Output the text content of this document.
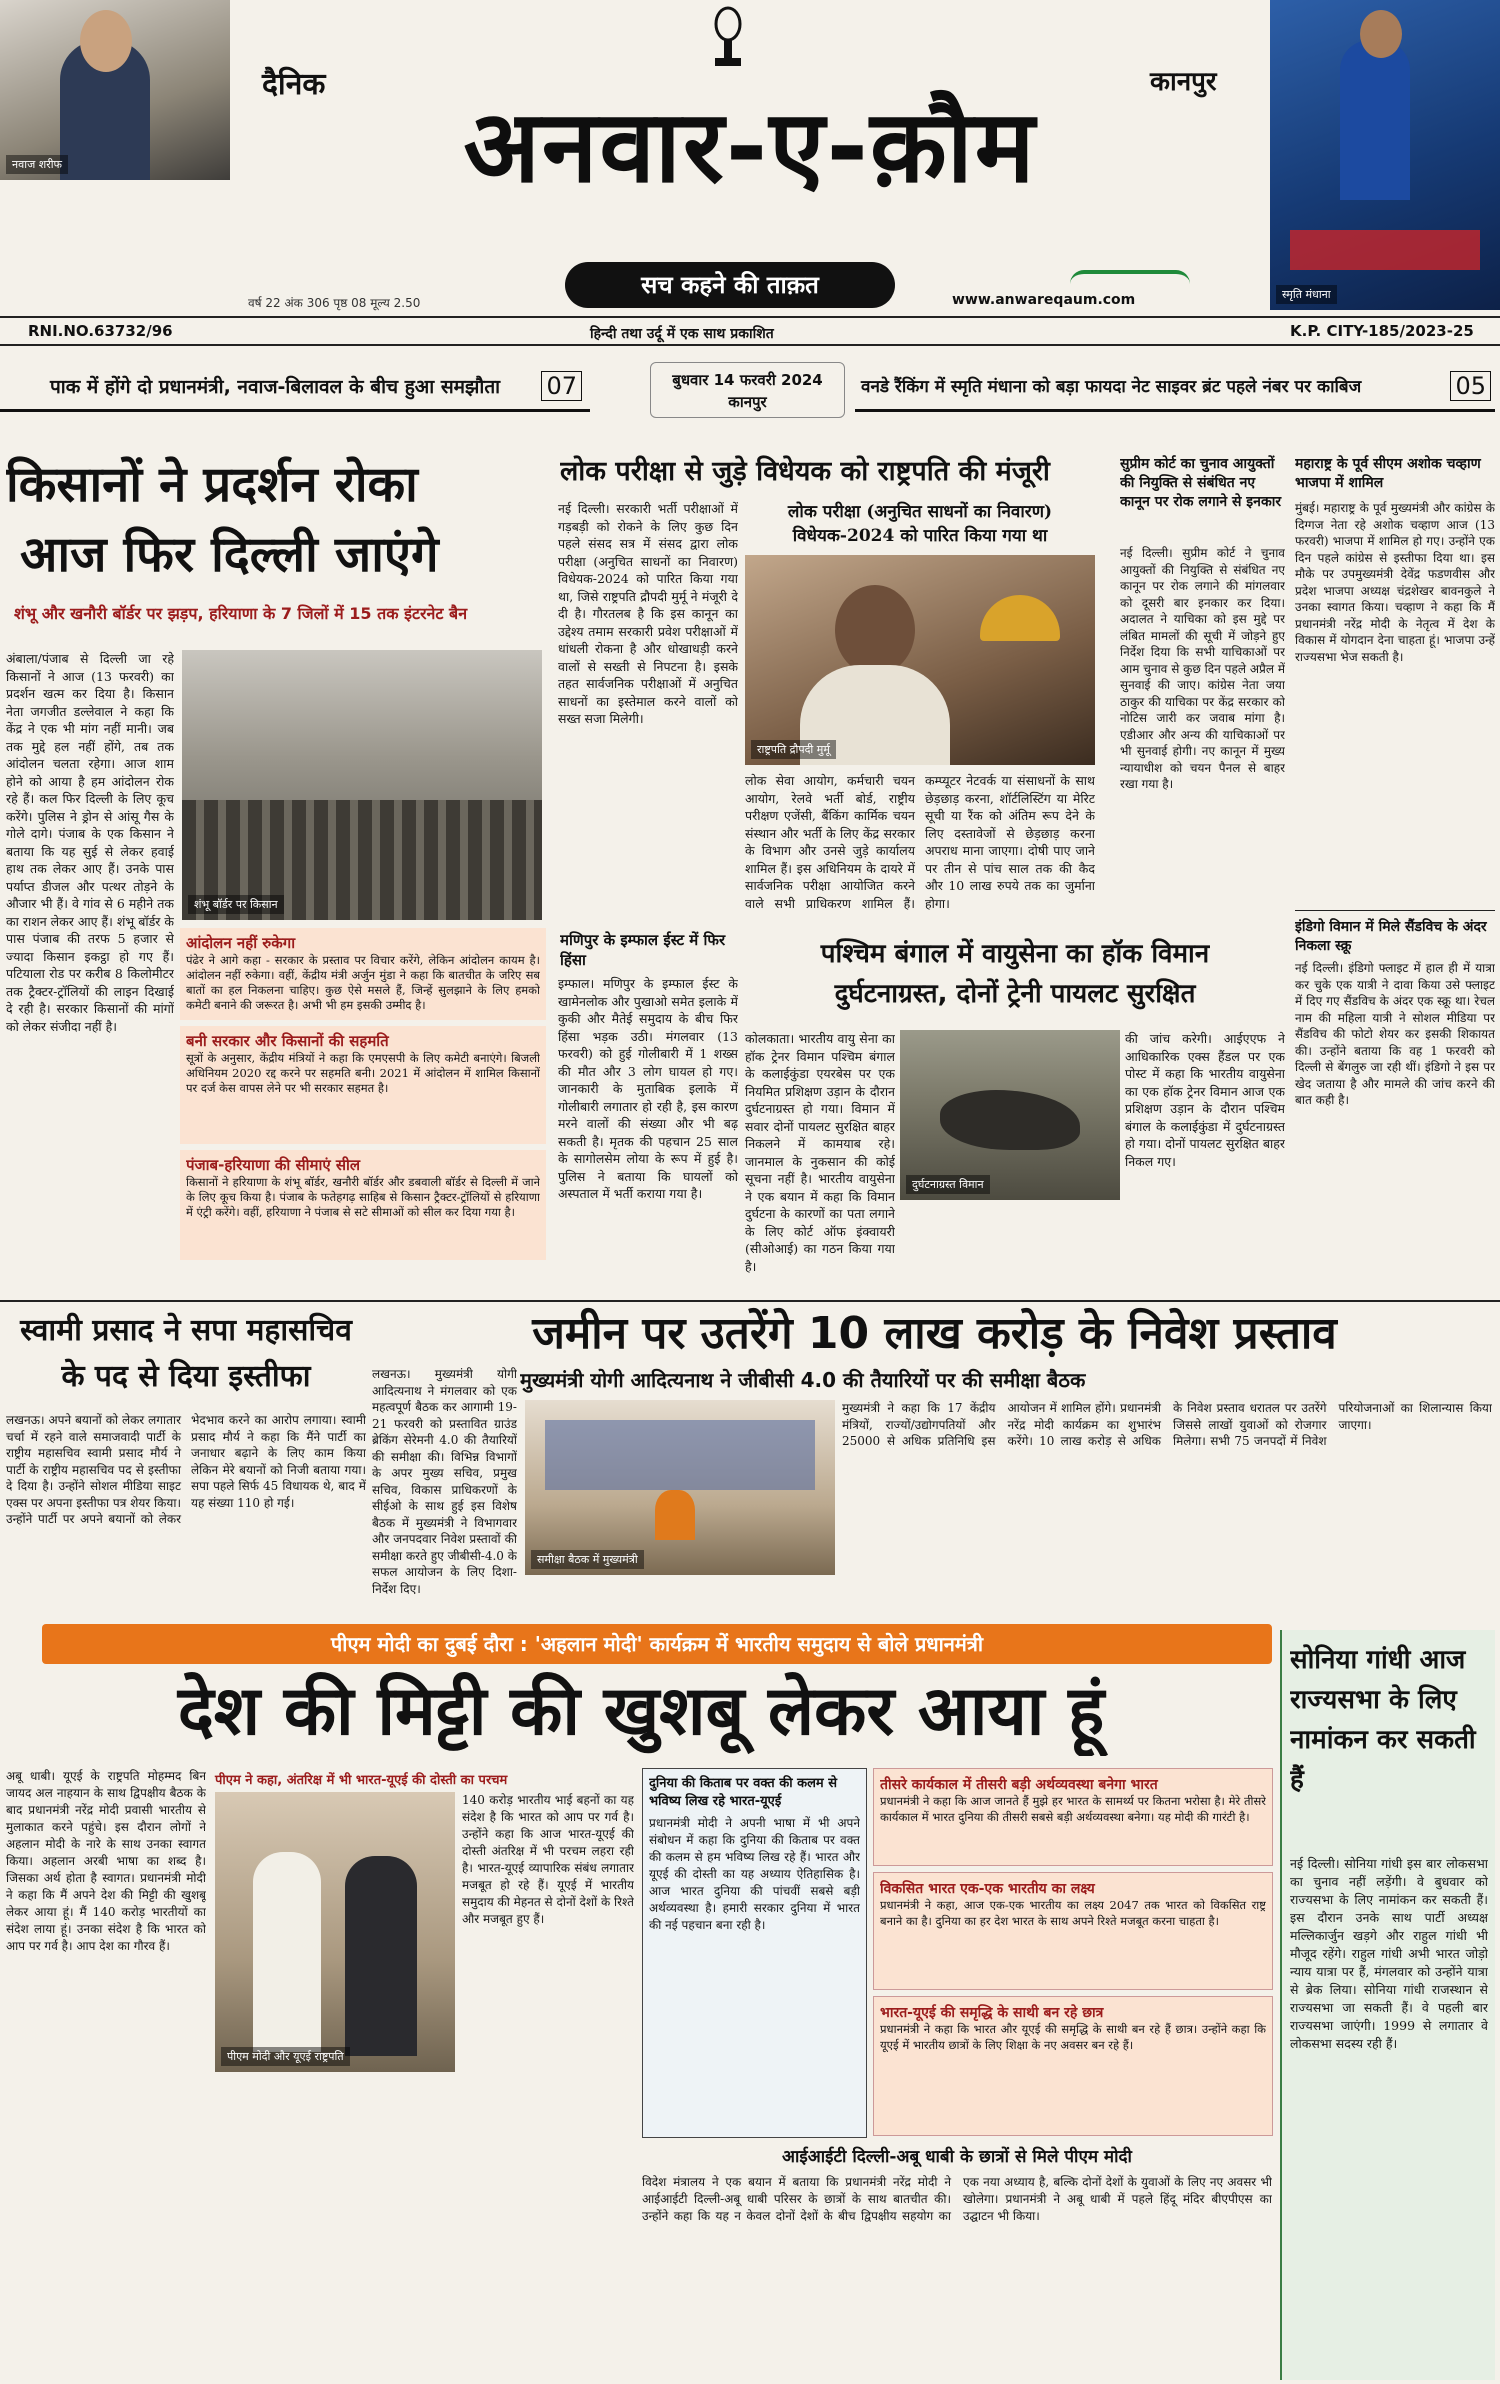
नवाज शरीफ
दैनिक	कानपुर
अनवार-ए-क़ौम
वर्ष 22 अंक 306 पृष्ठ 08 मूल्य 2.50
सच कहने की ताक़त
www.anwareqaum.com	स्मृति मंधाना
RNI.NO.63732/96	हिन्दी तथा उर्दू में एक साथ प्रकाशित	K.P. CITY-185/2023-25
पाक में होंगे दो प्रधानमंत्री, नवाज-बिलावल के बीच हुआ समझौता 07	बुधवार 14 फरवरी 2024 कानपुर
वनडे रैंकिंग में स्मृति मंधाना को बड़ा फायदा नेट साइवर ब्रंट पहले नंबर पर काबिज	05
किसानों ने प्रदर्शन रोका
आज फिर दिल्ली जाएंगे
शंभू और खनौरी बॉर्डर पर झड़प, हरियाणा के 7 जिलों में 15 तक इंटरनेट बैन
अंबाला/पंजाब से दिल्ली जा रहे किसानों ने आज (13 फरवरी) का प्रदर्शन खत्म कर दिया है। किसान नेता जगजीत डल्लेवाल ने कहा कि केंद्र ने एक भी मांग नहीं मानी। जब तक मुद्दे हल नहीं होंगे, तब तक आंदोलन चलता रहेगा। आज शाम होने को आया है हम आंदोलन रोक रहे हैं। कल फिर दिल्ली के लिए कूच करेंगे। पुलिस ने ड्रोन से आंसू गैस के गोले दागे। पंजाब के एक किसान ने बताया कि यह सुई से लेकर हवाई हाथ तक लेकर आए हैं। उनके पास पर्याप्त डीजल और पत्थर तोड़ने के औजार भी हैं। वे गांव से 6 महीने तक का राशन लेकर आए हैं। शंभू बॉर्डर के पास पंजाब की तरफ 5 हजार से ज्यादा किसान इकट्ठा हो गए हैं। पटियाला रोड पर करीब 8 किलोमीटर तक ट्रैक्टर-ट्रॉलियों की लाइन दिखाई दे रही है। सरकार किसानों की मांगों को लेकर संजीदा नहीं है।
शंभू बॉर्डर पर किसान
आंदोलन नहीं रुकेगा
पंढेर ने आगे कहा - सरकार के प्रस्ताव पर विचार करेंगे, लेकिन आंदोलन कायम है। आंदोलन नहीं रुकेगा। वहीं, केंद्रीय मंत्री अर्जुन मुंडा ने कहा कि बातचीत के जरिए सब बातों का हल निकलना चाहिए। कुछ ऐसे मसले हैं, जिन्हें सुलझाने के लिए हमको कमेटी बनाने की जरूरत है। अभी भी हम इसकी उम्मीद है।
बनी सरकार और किसानों की सहमति
सूत्रों के अनुसार, केंद्रीय मंत्रियों ने कहा कि एमएसपी के लिए कमेटी बनाएंगे। बिजली अधिनियम 2020 रद्द करने पर सहमति बनी। 2021 में आंदोलन में शामिल किसानों पर दर्ज केस वापस लेने पर भी सरकार सहमत है।
पंजाब-हरियाणा की सीमाएं सील
किसानों ने हरियाणा के शंभू बॉर्डर, खनौरी बॉर्डर और डबवाली बॉर्डर से दिल्ली में जाने के लिए कूच किया है। पंजाब के फतेहगढ़ साहिब से किसान ट्रैक्टर-ट्रॉलियों से हरियाणा में एंट्री करेंगे। वहीं, हरियाणा ने पंजाब से सटे सीमाओं को सील कर दिया गया है।
लोक परीक्षा से जुड़े विधेयक को राष्ट्रपति की मंजूरी
नई दिल्ली। सरकारी भर्ती परीक्षाओं में गड़बड़ी को रोकने के लिए कुछ दिन पहले संसद सत्र में संसद द्वारा लोक परीक्षा (अनुचित साधनों का निवारण) विधेयक-2024 को पारित किया गया था, जिसे राष्ट्रपति द्रौपदी मुर्मू ने मंजूरी दे दी है। गौरतलब है कि इस कानून का उद्देश्य तमाम सरकारी प्रवेश परीक्षाओं में धांधली रोकना है और धोखाधड़ी करने वालों से सख्ती से निपटना है। इसके तहत सार्वजनिक परीक्षाओं में अनुचित साधनों का इस्तेमाल करने वालों को सख्त सजा मिलेगी।
लोक परीक्षा (अनुचित साधनों का निवारण)
विधेयक-2024 को पारित किया गया था
राष्ट्रपति द्रौपदी मुर्मू
लोक सेवा आयोग, कर्मचारी चयन आयोग, रेलवे भर्ती बोर्ड, राष्ट्रीय परीक्षण एजेंसी, बैंकिंग कार्मिक चयन संस्थान और भर्ती के लिए केंद्र सरकार के विभाग और उनसे जुड़े कार्यालय शामिल हैं। इस अधिनियम के दायरे में सार्वजनिक परीक्षा आयोजित करने वाले सभी प्राधिकरण शामिल हैं। कम्प्यूटर नेटवर्क या संसाधनों के साथ छेड़छाड़ करना, शॉर्टलिस्टिंग या मेरिट सूची या रैंक को अंतिम रूप देने के लिए दस्तावेजों से छेड़छाड़ करना अपराध माना जाएगा। दोषी पाए जाने पर तीन से पांच साल तक की कैद और 10 लाख रुपये तक का जुर्माना होगा।
मणिपुर के इम्फाल ईस्ट में फिर हिंसा
इम्फाल। मणिपुर के इम्फाल ईस्ट के खामेनलोक और पुखाओ समेत इलाके में कुकी और मैतेई समुदाय के बीच फिर हिंसा भड़क उठी। मंगलवार (13 फरवरी) को हुई गोलीबारी में 1 शख्स की मौत और 3 लोग घायल हो गए। जानकारी के मुताबिक इलाके में गोलीबारी लगातार हो रही है, इस कारण मरने वालों की संख्या और भी बढ़ सकती है। मृतक की पहचान 25 साल के सागोलसेम लोया के रूप में हुई है। पुलिस ने बताया कि घायलों को अस्पताल में भर्ती कराया गया है।
पश्चिम बंगाल में वायुसेना का हॉक विमान
दुर्घटनाग्रस्त, दोनों ट्रेनी पायलट सुरक्षित
कोलकाता। भारतीय वायु सेना का हॉक ट्रेनर विमान पश्चिम बंगाल के कलाईकुंडा एयरबेस पर एक नियमित प्रशिक्षण उड़ान के दौरान दुर्घटनाग्रस्त हो गया। विमान में सवार दोनों पायलट सुरक्षित बाहर निकलने में कामयाब रहे। जानमाल के नुकसान की कोई सूचना नहीं है। भारतीय वायुसेना ने एक बयान में कहा कि विमान दुर्घटना के कारणों का पता लगाने के लिए कोर्ट ऑफ इंक्वायरी (सीओआई) का गठन किया गया है।
दुर्घटनाग्रस्त विमान
की जांच करेगी। आईएएफ ने आधिकारिक एक्स हैंडल पर एक पोस्ट में कहा कि भारतीय वायुसेना का एक हॉक ट्रेनर विमान आज एक प्रशिक्षण उड़ान के दौरान पश्चिम बंगाल के कलाईकुंडा में दुर्घटनाग्रस्त हो गया। दोनों पायलट सुरक्षित बाहर निकल गए।
सुप्रीम कोर्ट का चुनाव आयुक्तों की नियुक्ति से संबंधित नए कानून पर रोक लगाने से इनकार
नई दिल्ली। सुप्रीम कोर्ट ने चुनाव आयुक्तों की नियुक्ति से संबंधित नए कानून पर रोक लगाने की मांगलवार को दूसरी बार इनकार कर दिया। अदालत ने याचिका को इस मुद्दे पर लंबित मामलों की सूची में जोड़ने हुए निर्देश दिया कि सभी याचिकाओं पर आम चुनाव से कुछ दिन पहले अप्रैल में सुनवाई की जाए। कांग्रेस नेता जया ठाकुर की याचिका पर केंद्र सरकार को नोटिस जारी कर जवाब मांगा है। एडीआर और अन्य की याचिकाओं पर भी सुनवाई होगी। नए कानून में मुख्य न्यायाधीश को चयन पैनल से बाहर रखा गया है।
महाराष्ट्र के पूर्व सीएम अशोक चव्हाण भाजपा में शामिल
मुंबई। महाराष्ट्र के पूर्व मुख्यमंत्री और कांग्रेस के दिग्गज नेता रहे अशोक चव्हाण आज (13 फरवरी) भाजपा में शामिल हो गए। उन्होंने एक दिन पहले कांग्रेस से इस्तीफा दिया था। इस मौके पर उपमुख्यमंत्री देवेंद्र फडणवीस और प्रदेश भाजपा अध्यक्ष चंद्रशेखर बावनकुले ने उनका स्वागत किया। चव्हाण ने कहा कि मैं प्रधानमंत्री नरेंद्र मोदी के नेतृत्व में देश के विकास में योगदान देना चाहता हूं। भाजपा उन्हें राज्यसभा भेज सकती है।
इंडिगो विमान में मिले सैंडविच के अंदर निकला स्क्रू
नई दिल्ली। इंडिगो फ्लाइट में हाल ही में यात्रा कर चुके एक यात्री ने दावा किया उसे फ्लाइट में दिए गए सैंडविच के अंदर एक स्क्रू था। रेचल नाम की महिला यात्री ने सोशल मीडिया पर सैंडविच की फोटो शेयर कर इसकी शिकायत की। उन्होंने बताया कि वह 1 फरवरी को दिल्ली से बेंगलुरु जा रही थीं। इंडिगो ने इस पर खेद जताया है और मामले की जांच करने की बात कही है।
स्वामी प्रसाद ने सपा महासचिव
के पद से दिया इस्तीफा
लखनऊ। अपने बयानों को लेकर लगातार चर्चा में रहने वाले समाजवादी पार्टी के राष्ट्रीय महासचिव स्वामी प्रसाद मौर्य ने पार्टी के राष्ट्रीय महासचिव पद से इस्तीफा दे दिया है। उन्होंने सोशल मीडिया साइट एक्स पर अपना इस्तीफा पत्र शेयर किया। उन्होंने पार्टी पर अपने बयानों को लेकर भेदभाव करने का आरोप लगाया। स्वामी प्रसाद मौर्य ने कहा कि मैंने पार्टी का जनाधार बढ़ाने के लिए काम किया लेकिन मेरे बयानों को निजी बताया गया। सपा पहले सिर्फ 45 विधायक थे, बाद में यह संख्या 110 हो गई।
जमीन पर उतरेंगे 10 लाख करोड़ के निवेश प्रस्ताव
मुख्यमंत्री योगी आदित्यनाथ ने जीबीसी 4.0 की तैयारियों पर की समीक्षा बैठक
लखनऊ। मुख्यमंत्री योगी आदित्यनाथ ने मंगलवार को एक महत्वपूर्ण बैठक कर आगामी 19-21 फरवरी को प्रस्तावित ग्राउंड ब्रेकिंग सेरेमनी 4.0 की तैयारियों की समीक्षा की। विभिन्न विभागों के अपर मुख्य सचिव, प्रमुख सचिव, विकास प्राधिकरणों के सीईओ के साथ हुई इस विशेष बैठक में मुख्यमंत्री ने विभागवार और जनपदवार निवेश प्रस्तावों की समीक्षा करते हुए जीबीसी-4.0 के सफल आयोजन के लिए दिशा-निर्देश दिए।
समीक्षा बैठक में मुख्यमंत्री
मुख्यमंत्री ने कहा कि 17 केंद्रीय मंत्रियों, राज्यों/उद्योगपतियों और 25000 से अधिक प्रतिनिधि इस आयोजन में शामिल होंगे। प्रधानमंत्री नरेंद्र मोदी कार्यक्रम का शुभारंभ करेंगे। 10 लाख करोड़ से अधिक के निवेश प्रस्ताव धरातल पर उतरेंगे जिससे लाखों युवाओं को रोजगार मिलेगा। सभी 75 जनपदों में निवेश परियोजनाओं का शिलान्यास किया जाएगा।
पीएम मोदी का दुबई दौरा : 'अहलान मोदी' कार्यक्रम में भारतीय समुदाय से बोले प्रधानमंत्री
देश की मिट्टी की खुशबू लेकर आया हूं
अबू धाबी। यूएई के राष्ट्रपति मोहम्मद बिन जायद अल नाहयान के साथ द्विपक्षीय बैठक के बाद प्रधानमंत्री नरेंद्र मोदी प्रवासी भारतीय से मुलाकात करने पहुंचे। इस दौरान लोगों ने अहलान मोदी के नारे के साथ उनका स्वागत किया। अहलान अरबी भाषा का शब्द है। जिसका अर्थ होता है स्वागत। प्रधानमंत्री मोदी ने कहा कि मैं अपने देश की मिट्टी की खुशबू लेकर आया हूं। मैं 140 करोड़ भारतीयों का संदेश लाया हूं। उनका संदेश है कि भारत को आप पर गर्व है। आप देश का गौरव हैं।
पीएम ने कहा, अंतरिक्ष में भी भारत-यूएई की दोस्ती का परचम
पीएम मोदी और यूएई राष्ट्रपति
140 करोड़ भारतीय भाई बहनों का यह संदेश है कि भारत को आप पर गर्व है। उन्होंने कहा कि आज भारत-यूएई की दोस्ती अंतरिक्ष में भी परचम लहरा रही है। भारत-यूएई व्यापारिक संबंध लगातार मजबूत हो रहे हैं। यूएई में भारतीय समुदाय की मेहनत से दोनों देशों के रिश्ते और मजबूत हुए हैं।
दुनिया की किताब पर वक्त की कलम से भविष्य लिख रहे भारत-यूएई
प्रधानमंत्री मोदी ने अपनी भाषा में भी अपने संबोधन में कहा कि दुनिया की किताब पर वक्त की कलम से हम भविष्य लिख रहे हैं। भारत और यूएई की दोस्ती का यह अध्याय ऐतिहासिक है। आज भारत दुनिया की पांचवीं सबसे बड़ी अर्थव्यवस्था है। हमारी सरकार दुनिया में भारत की नई पहचान बना रही है।
तीसरे कार्यकाल में तीसरी बड़ी अर्थव्यवस्था बनेगा भारत
प्रधानमंत्री ने कहा कि आज जानते हैं मुझे हर भारत के सामर्थ्य पर कितना भरोसा है। मेरे तीसरे कार्यकाल में भारत दुनिया की तीसरी सबसे बड़ी अर्थव्यवस्था बनेगा। यह मोदी की गारंटी है।
विकसित भारत एक-एक भारतीय का लक्ष्य
प्रधानमंत्री ने कहा, आज एक-एक भारतीय का लक्ष्य 2047 तक भारत को विकसित राष्ट्र बनाने का है। दुनिया का हर देश भारत के साथ अपने रिश्ते मजबूत करना चाहता है।
भारत-यूएई की समृद्धि के साथी बन रहे छात्र
प्रधानमंत्री ने कहा कि भारत और यूएई की समृद्धि के साथी बन रहे हैं छात्र। उन्होंने कहा कि यूएई में भारतीय छात्रों के लिए शिक्षा के नए अवसर बन रहे हैं।
आईआईटी दिल्ली-अबू धाबी के छात्रों से मिले पीएम मोदी
विदेश मंत्रालय ने एक बयान में बताया कि प्रधानमंत्री नरेंद्र मोदी ने आईआईटी दिल्ली-अबू धाबी परिसर के छात्रों के साथ बातचीत की। उन्होंने कहा कि यह न केवल दोनों देशों के बीच द्विपक्षीय सहयोग का एक नया अध्याय है, बल्कि दोनों देशों के युवाओं के लिए नए अवसर भी खोलेगा। प्रधानमंत्री ने अबू धाबी में पहले हिंदू मंदिर बीएपीएस का उद्घाटन भी किया।
सोनिया गांधी आज राज्यसभा के लिए नामांकन कर सकती हैं
नई दिल्ली। सोनिया गांधी इस बार लोकसभा का चुनाव नहीं लड़ेंगी। वे बुधवार को राज्यसभा के लिए नामांकन कर सकती हैं। इस दौरान उनके साथ पार्टी अध्यक्ष मल्लिकार्जुन खड़गे और राहुल गांधी भी मौजूद रहेंगे। राहुल गांधी अभी भारत जोड़ो न्याय यात्रा पर हैं, मंगलवार को उन्होंने यात्रा से ब्रेक लिया। सोनिया गांधी राजस्थान से राज्यसभा जा सकती हैं। वे पहली बार राज्यसभा जाएंगी। 1999 से लगातार वे लोकसभा सदस्य रही हैं।
